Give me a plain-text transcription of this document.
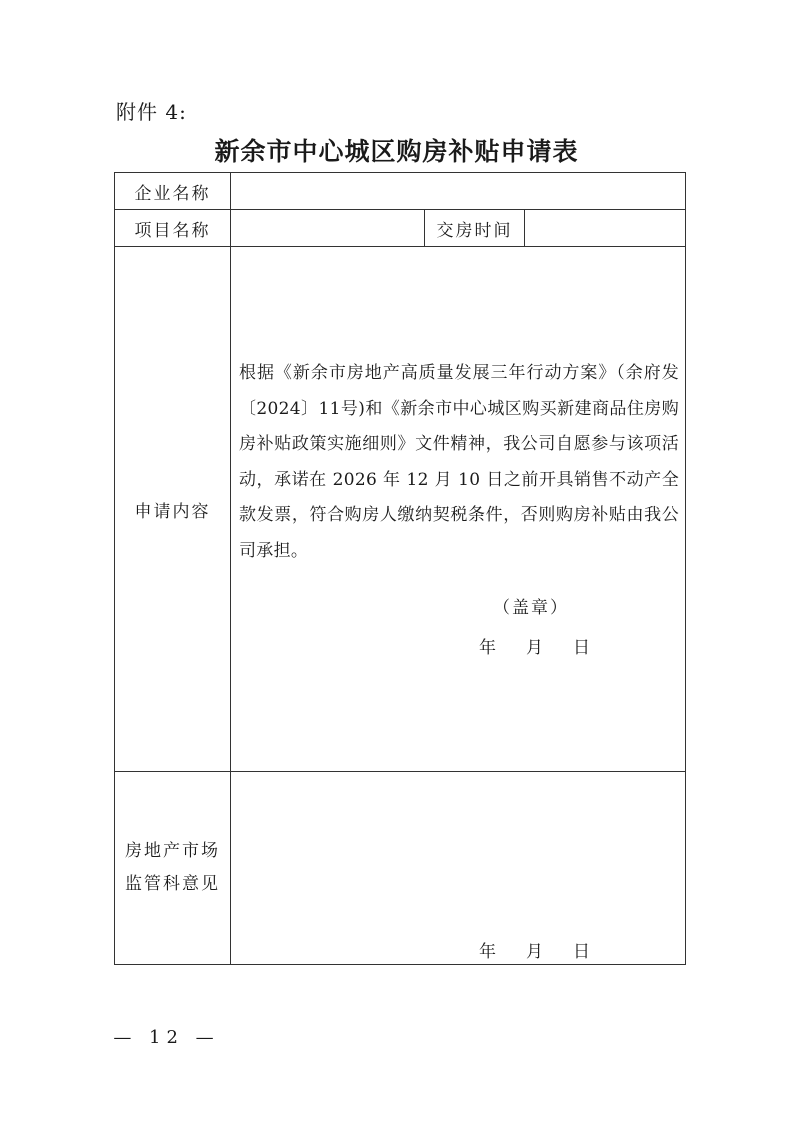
附件 4:
新余市中心城区购房补贴申请表
企业名称			
项目名称		交房时间	
申请内容	根据《新余市房地产高质量发展三年行动方案》（余府发〔2024〕11号)和《新余市中心城区购买新建商品住房购房补贴政策实施细则》文件精神，我公司自愿参与该项活动，承诺在 2026 年 12 月 10 日之前开具销售不动产全款发票，符合购房人缴纳契税条件，否则购房补贴由我公司承担。
（盖章）
年 月 日		

房地产市场
监管科意见	年 月 日		
— 12 —
